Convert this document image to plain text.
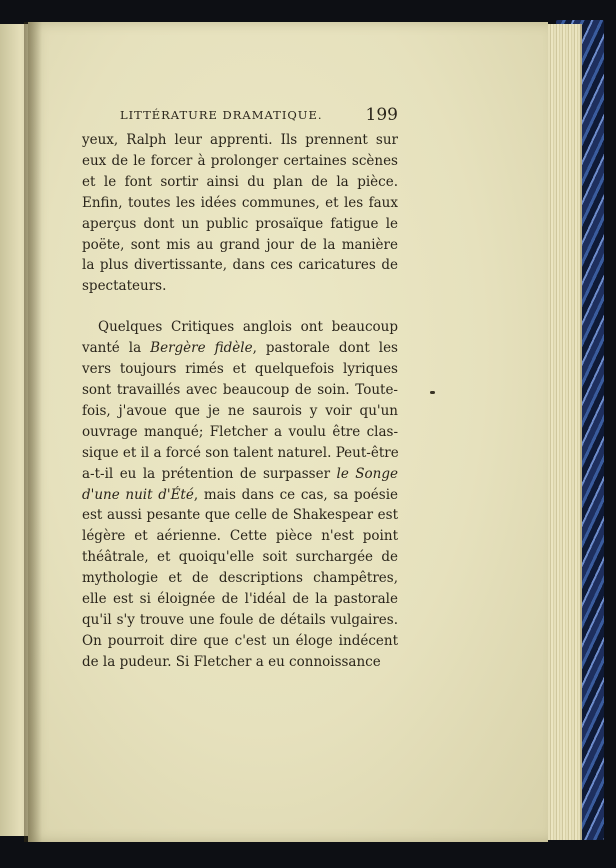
LITTÉRATURE DRAMATIQUE.	199
yeux, Ralph leur apprenti. Ils prennent sur
eux de le forcer à prolonger certaines scènes
et le font sortir ainsi du plan de la pièce.
Enfin, toutes les idées communes, et les faux
aperçus dont un public prosaïque fatigue le
poëte, sont mis au grand jour de la manière
la plus divertissante, dans ces caricatures de
spectateurs.
Quelques Critiques anglois ont beaucoup
vanté la Bergère fidèle, pastorale dont les
vers toujours rimés et quelquefois lyriques
sont travaillés avec beaucoup de soin. Toute-
fois, j'avoue que je ne saurois y voir qu'un
ouvrage manqué; Fletcher a voulu être clas-
sique et il a forcé son talent naturel. Peut-être
a-t-il eu la prétention de surpasser le Songe
d'une nuit d'Été, mais dans ce cas, sa poésie
est aussi pesante que celle de Shakespear est
légère et aérienne. Cette pièce n'est point
théâtrale, et quoiqu'elle soit surchargée de
mythologie et de descriptions champêtres,
elle est si éloignée de l'idéal de la pastorale
qu'il s'y trouve une foule de détails vulgaires.
On pourroit dire que c'est un éloge indécent
de la pudeur. Si Fletcher a eu connoissance
